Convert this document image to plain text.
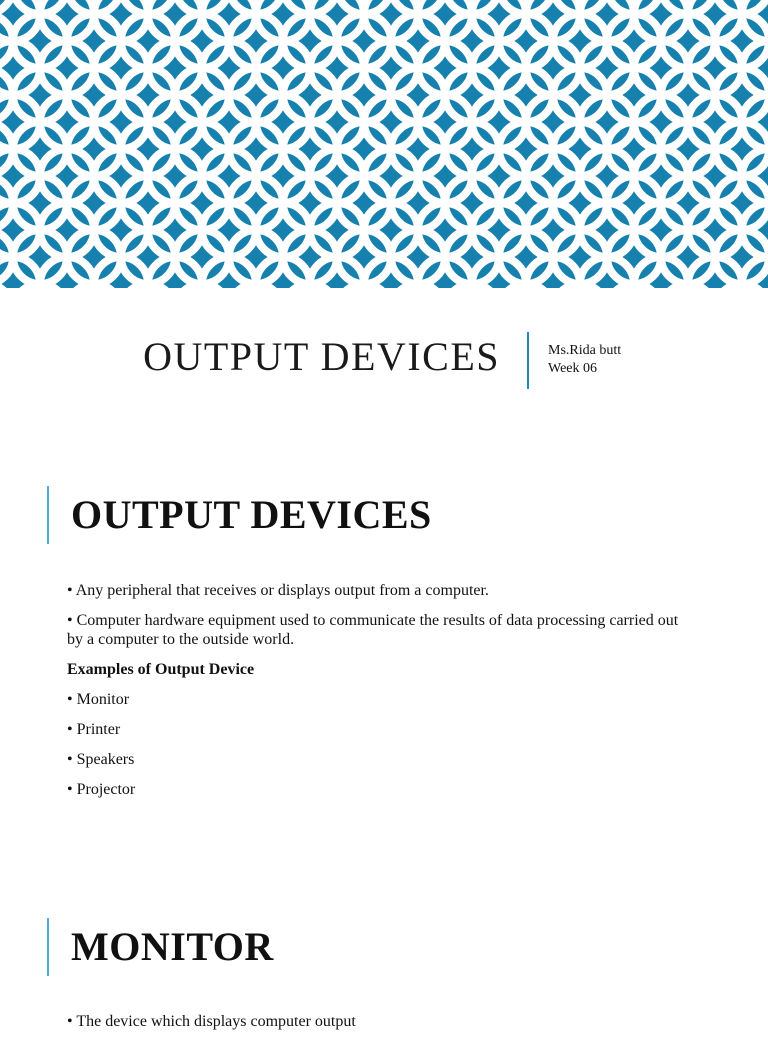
OUTPUT DEVICES	Ms.Rida butt
Week 06
OUTPUT DEVICES

• Any peripheral that receives or displays output from a computer.

• Computer hardware equipment used to communicate the results of data processing carried out by a computer to the outside world.

Examples of Output Device

• Monitor

• Printer

• Speakers

• Projector

MONITOR

• The device which displays computer output
